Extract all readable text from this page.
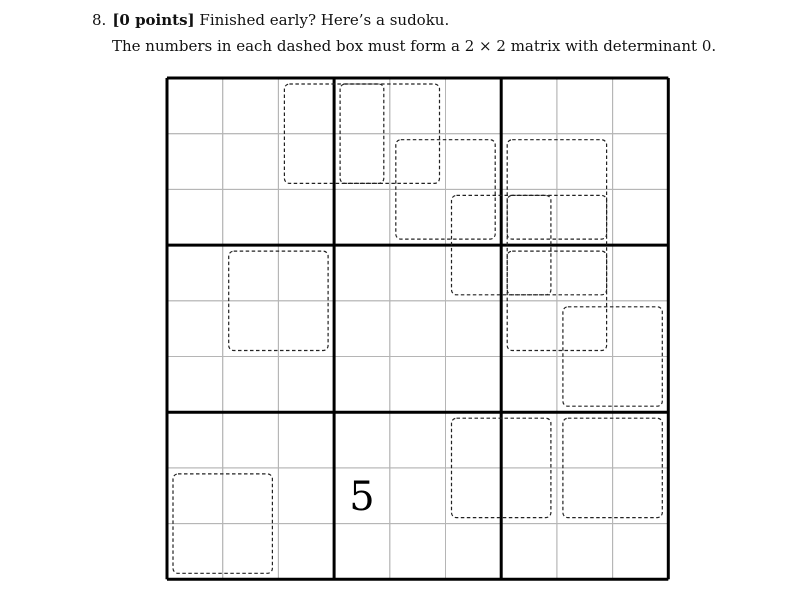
8. [0 points] Finished early? Here’s a sudoku.
The numbers in each dashed box must form a 2 × 2 matrix with determinant 0.
5
